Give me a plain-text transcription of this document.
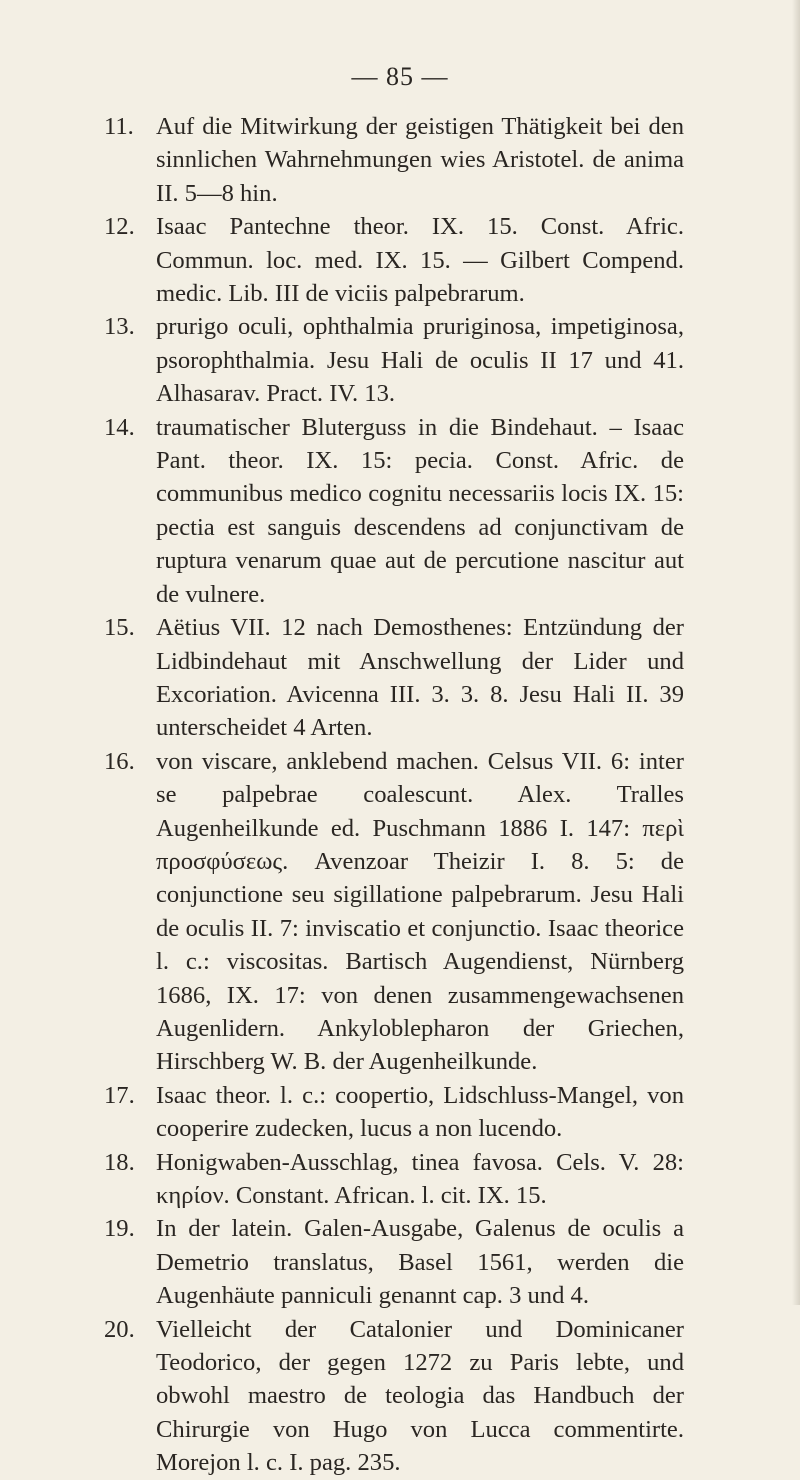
— 85 —
11. Auf die Mitwirkung der geistigen Thätigkeit bei den sinnlichen Wahrnehmungen wies Aristotel. de anima II. 5—8 hin.
12. Isaac Pantechne theor. IX. 15. Const. Afric. Commun. loc. med. IX. 15. — Gilbert Compend. medic. Lib. III de viciis palpebrarum.
13. prurigo oculi, ophthalmia pruriginosa, impetiginosa, psorophthalmia. Jesu Hali de oculis II 17 und 41. Alhasarav. Pract. IV. 13.
14. traumatischer Bluterguss in die Bindehaut. – Isaac Pant. theor. IX. 15: pecia. Const. Afric. de communibus medico cognitu necessariis locis IX. 15: pectia est sanguis descendens ad conjunctivam de ruptura venarum quae aut de percutione nascitur aut de vulnere.
15. Aëtius VII. 12 nach Demosthenes: Entzündung der Lidbindehaut mit Anschwellung der Lider und Excoriation. Avicenna III. 3. 3. 8. Jesu Hali II. 39 unterscheidet 4 Arten.
16. von viscare, anklebend machen. Celsus VII. 6: inter se palpebrae coalescunt. Alex. Tralles Augenheilkunde ed. Puschmann 1886 I. 147: περὶ προσφύσεως. Avenzoar Theizir I. 8. 5: de conjunctione seu sigillatione palpebrarum. Jesu Hali de oculis II. 7: inviscatio et conjunctio. Isaac theorice l. c.: viscositas. Bartisch Augendienst, Nürnberg 1686, IX. 17: von denen zusammengewachsenen Augenlidern. Ankyloblepharon der Griechen, Hirschberg W. B. der Augenheilkunde.
17. Isaac theor. l. c.: coopertio, Lidschluss-Mangel, von cooperire zudecken, lucus a non lucendo.
18. Honigwaben-Ausschlag, tinea favosa. Cels. V. 28: κηρίον. Constant. African. l. cit. IX. 15.
19. In der latein. Galen-Ausgabe, Galenus de oculis a Demetrio translatus, Basel 1561, werden die Augenhäute panniculi genannt cap. 3 und 4.
20. Vielleicht der Catalonier und Dominicaner Teodorico, der gegen 1272 zu Paris lebte, und obwohl maestro de teologia das Handbuch der Chirurgie von Hugo von Lucca commentirte. Morejon l. c. I. pag. 235.
